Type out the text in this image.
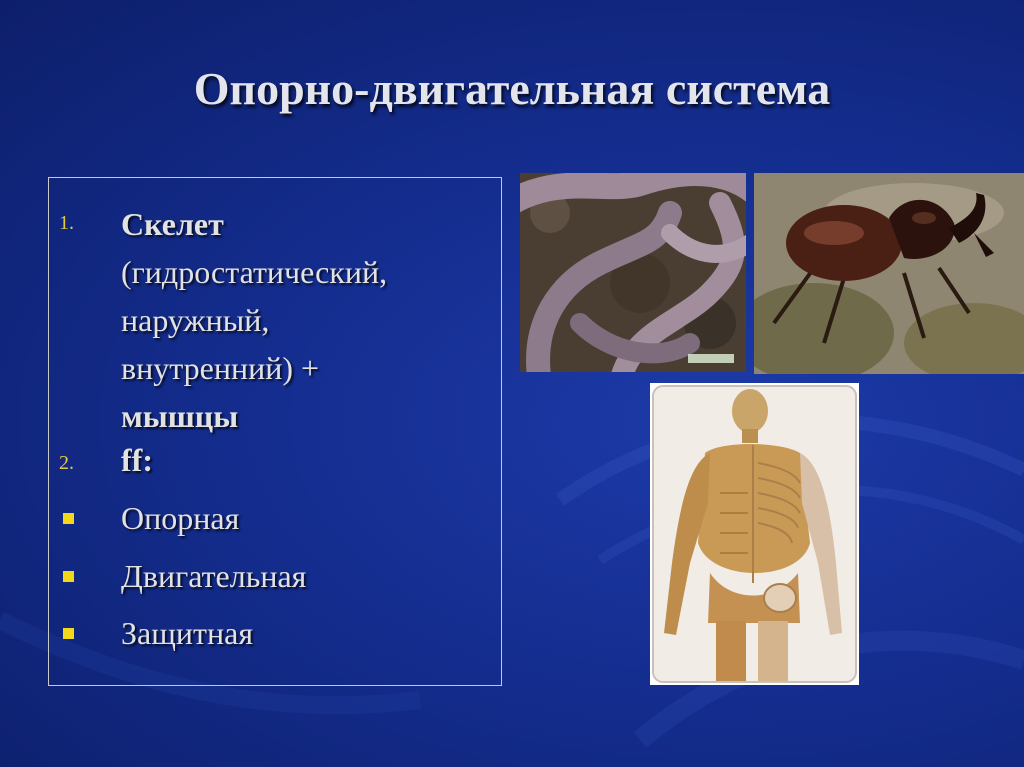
Опорно-двигательная система
1. Скелет
(гидростатический,
наружный,
внутренний) +
мышцы
2. ff:
Опорная
Двигательная
Защитная
